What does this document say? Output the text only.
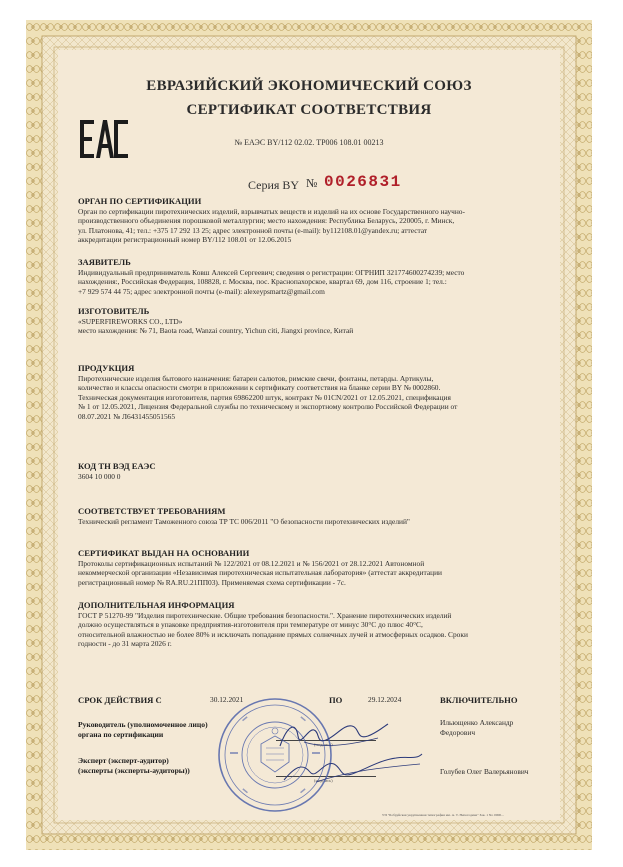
ЕВРАЗИЙСКИЙ ЭКОНОМИЧЕСКИЙ СОЮЗ
СЕРТИФИКАТ СООТВЕТСТВИЯ
№ ЕАЭС BY/112 02.02. ТР006 108.01 00213
Серия BY № 0026831
ОРГАН ПО СЕРТИФИКАЦИИ
Орган по сертификации пиротехнических изделий, взрывчатых веществ и изделий на их основе Государственного научно-
производственного объединения порошковой металлургии; место нахождения: Республика Беларусь, 220005, г. Минск,
ул. Платонова, 41; тел.: +375 17 292 13 25; адрес электронной почты (e-mail): by112108.01@yandex.ru; аттестат
аккредитации регистрационный номер BY/112 108.01 от 12.06.2015
ЗАЯВИТЕЛЬ
Индивидуальный предприниматель Ковш Алексей Сергеевич; сведения о регистрации: ОГРНИП 321774600274239; место
нахождения:, Российская Федерация, 108828, г. Москва, пос. Краснопахорское, квартал 69, дом 116, строение 1; тел.:
+7 929 574 44 75; адрес электронной почты (e-mail): alexeypsmartz@gmail.com
ИЗГОТОВИТЕЛЬ
«SUPERFIREWORKS CO., LTD»
место нахождения: № 71, Baota road, Wanzai country, Yichun citi, Jiangxi province, Китай
ПРОДУКЦИЯ
Пиротехнические изделия бытового назначения: батареи салютов, римские свечи, фонтаны, петарды. Артикулы,
количество и классы опасности смотри в приложении к сертификату соответствия на бланке серии BY № 0002860.
Техническая документация изготовителя, партия 69862200 штук, контракт № 01CN/2021 от 12.05.2021, спецификация
№ 1 от 12.05.2021, Лицензия Федеральной службы по техническому и экспортному контролю Российской Федерации от
08.07.2021 № Л6431455051565
КОД ТН ВЭД ЕАЭС
3604 10 000 0
СООТВЕТСТВУЕТ ТРЕБОВАНИЯМ
Технический регламент Таможенного союза ТР ТС 006/2011 "О безопасности пиротехнических изделий"
СЕРТИФИКАТ ВЫДАН НА ОСНОВАНИИ
Протоколы сертификационных испытаний № 122/2021 от 08.12.2021 и № 156/2021 от 28.12.2021 Автономной
некоммерческой организации «Независимая пиротехническая испытательная лаборатория» (аттестат аккредитации
регистрационный номер № RA.RU.21ПП03). Применяемая схема сертификации - 7с.
ДОПОЛНИТЕЛЬНАЯ ИНФОРМАЦИЯ
ГОСТ Р 51270-99 "Изделия пиротехнические. Общие требования безопасности.". Хранение пиротехнических изделий
должно осуществляться в упаковке предприятия-изготовителя при температуре от минус 30°С до плюс 40°С,
относительной влажностью не более 80% и исключать попадание прямых солнечных лучей и атмосферных осадков. Сроки
годности - до 31 марта 2026 г.
СРОК ДЕЙСТВИЯ С	30.12.2021	ПО	29.12.2024	ВКЛЮЧИТЕЛЬНО
Руководитель (уполномоченное лицо)
органа по сертификации
(подпись)
Ильющенко Александр
Федорович
Эксперт (эксперт-аудитор)
(эксперты (эксперты-аудиторы))
(подпись)
Голубев Олег Валерьянович
УП "Бобруйская укрупненная типография им. А. Т. Непогодина" Зак. 1 No 0000...
